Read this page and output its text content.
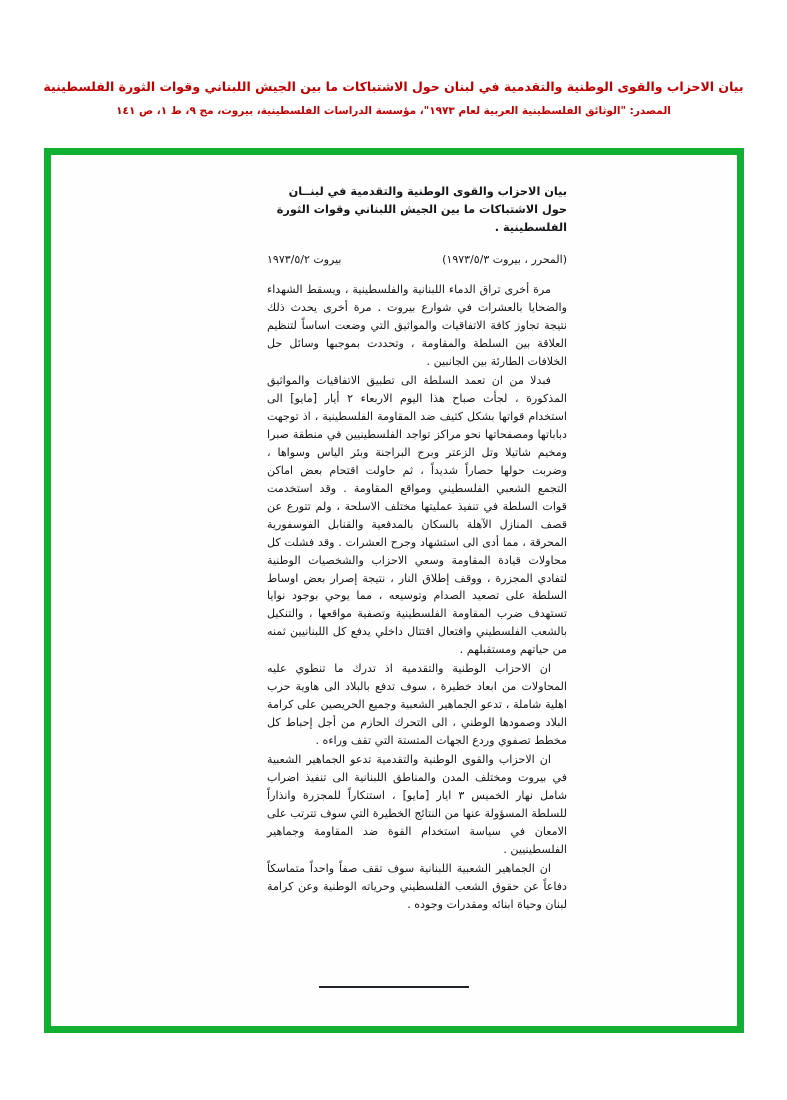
بيان الاحزاب والقوى الوطنية والتقدمية في لبنان حول الاشتباكات ما بين الجيش اللبناني وقوات الثورة الفلسطينية
المصدر: "الوثائق الفلسطينية العربية لعام ١٩٧٣"، مؤسسة الدراسات الفلسطينية، بيروت، مج ٩، ط ١، ص ١٤١
بيان الاحزاب والقوى الوطنية والتقدمية في لبنــان حول الاشتباكات ما بين الجيش اللبناني وقوات الثورة الفلسطينية .
بيروت ١٩٧٣/٥/٢	(المحرر ، بيروت ١٩٧٣/٥/٣)

مرة أخرى تراق الدماء اللبنانية والفلسطينية ، ويسقط الشهداء والضحايا بالعشرات في شوارع بيروت . مرة أخرى يحدث ذلك نتيجة تجاوز كافة الاتفاقيات والمواثيق التي وضعت اساساً لتنظيم العلاقة بين السلطة والمقاومة ، وتحددت بموجبها وسائل حل الخلافات الطارئة بين الجانبين .

فبدلا من ان تعمد السلطة الى تطبيق الاتفاقيات والمواثيق المذكورة ، لجأت صباح هذا اليوم الاربعاء ٢ أيار [مايو] الى استخدام قواتها بشكل كثيف ضد المقاومة الفلسطينية ، اذ توجهت دباباتها ومصفحاتها نحو مراكز تواجد الفلسطينيين في منطقة صبرا ومخيم شاتيلا وتل الزعتر وبرج البراجنة وبئر الياس وسواها ، وضربت حولها حصاراً شديداً ، ثم حاولت اقتحام بعض اماكن التجمع الشعبي الفلسطيني ومواقع المقاومة . وقد استخدمت قوات السلطة في تنفيذ عمليتها مختلف الاسلحة ، ولم تتورع عن قصف المنازل الآهلة بالسكان بالمدفعية والقنابل الفوسفورية المحرقة ، مما أدى الى استشهاد وجرح العشرات . وقد فشلت كل محاولات قيادة المقاومة وسعي الاحزاب والشخصيات الوطنية لتفادي المجزرة ، ووقف إطلاق النار ، نتيجة إصرار بعض اوساط السلطة على تصعيد الصدام وتوسيعه ، مما يوحي بوجود نوايا تستهدف ضرب المقاومة الفلسطينية وتصفية مواقعها ، والتنكيل بالشعب الفلسطيني وافتعال اقتتال داخلي يدفع كل اللبنانيين ثمنه من حياتهم ومستقبلهم .

ان الاحزاب الوطنية والتقدمية اذ تدرك ما تنطوي عليه المحاولات من ابعاد خطيرة ، سوف تدفع بالبلاد الى هاوية حرب اهلية شاملة ، تدعو الجماهير الشعبية وجميع الحريصين على كرامة البلاد وصمودها الوطني ، الى التحرك الحازم من أجل إحباط كل مخطط تصفوي وردع الجهات المتستة التي تقف وراءه .

ان الاحزاب والقوى الوطنية والتقدمية تدعو الجماهير الشعبية في بيروت ومختلف المدن والمناطق اللبنانية الى تنفيذ اضراب شامل نهار الخميس ٣ ايار [مايو] ، استنكاراً للمجزرة وانذاراً للسلطة المسؤولة عنها من النتائج الخطيرة التي سوف تترتب على الامعان في سياسة استخدام القوة ضد المقاومة وجماهير الفلسطينيين .

ان الجماهير الشعبية اللبنانية سوف تقف صفاً واحداً متماسكاً دفاعاً عن حقوق الشعب الفلسطيني وحرياته الوطنية وعن كرامة لبنان وحياة ابنائه ومقدرات وجوده .
